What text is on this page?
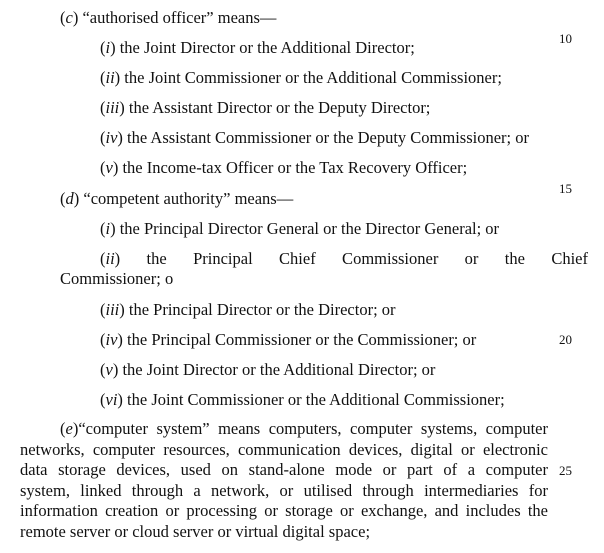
(c) “authorised officer” means—
(i) the Joint Director or the Additional Director;
(ii) the Joint Commissioner or the Additional Commissioner;
(iii) the Assistant Director or the Deputy Director;
(iv) the Assistant Commissioner or the Deputy Commissioner; or
(v) the Income-tax Officer or the Tax Recovery Officer;
(d) “competent authority” means—
(i) the Principal Director General or the Director General; or
(ii) the Principal Chief Commissioner or the Chief
Commissioner; o
(iii) the Principal Director or the Director; or
(iv) the Principal Commissioner or the Commissioner; or
(v) the Joint Director or the Additional Director; or
(vi) the Joint Commissioner or the Additional Commissioner;
(e)“computer system” means computers, computer systems, computer
networks, computer resources, communication devices, digital or electronic
data storage devices, used on stand-alone mode or part of a computer
system, linked through a network, or utilised through intermediaries for
information creation or processing or storage or exchange, and includes the
remote server or cloud server or virtual digital space;
10
15
20
25
